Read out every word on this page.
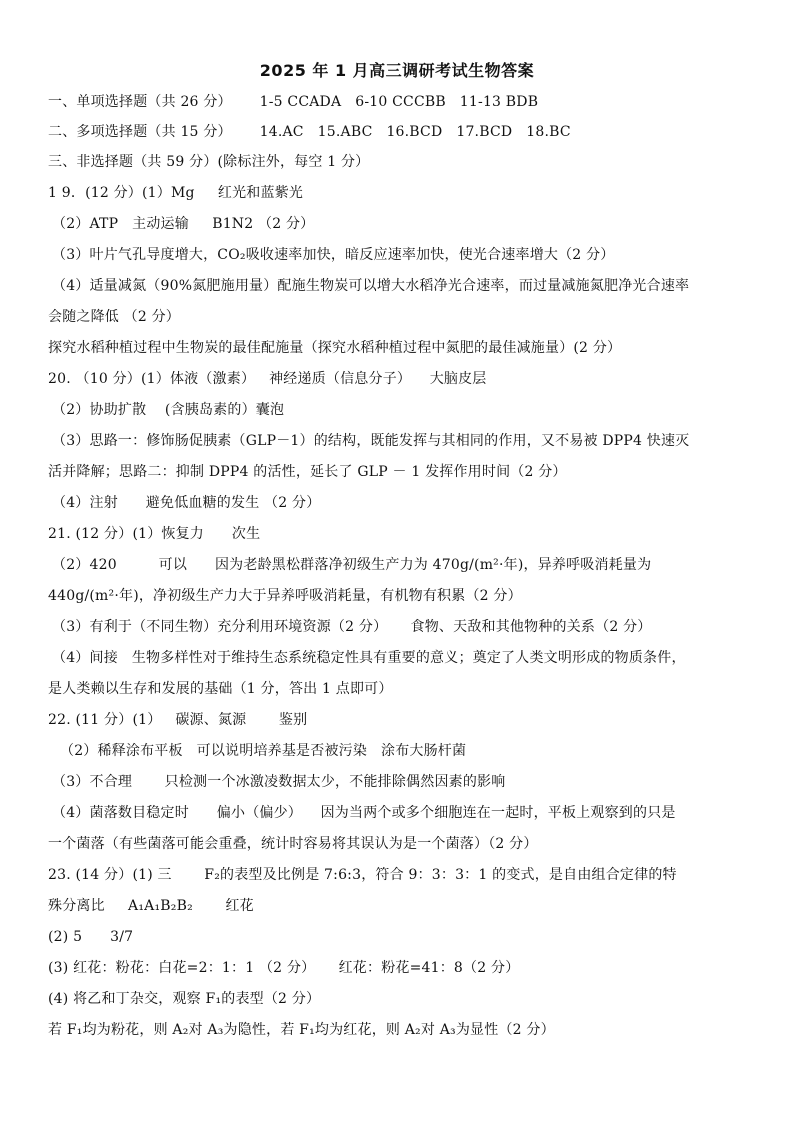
2025 年 1 月高三调研考试生物答案
一、单项选择题（共 26 分）      1-5 CCADA   6-10 CCCBB   11-13 BDB
二、多项选择题（共 15 分）      14.AC   15.ABC   16.BCD   17.BCD   18.BC
三、非选择题（共 59 分）(除标注外，每空 1 分）
1 9．(12 分）(1）Mg     红光和蓝紫光
（2）ATP   主动运输     B1N2 （2 分）
（3）叶片气孔导度增大，CO₂吸收速率加快，暗反应速率加快，使光合速率增大（2 分）
（4）适量减氮（90%氮肥施用量）配施生物炭可以增大水稻净光合速率，而过量减施氮肥净光合速率
会随之降低 （2 分）
探究水稻种植过程中生物炭的最佳配施量（探究水稻种植过程中氮肥的最佳减施量）(2 分）
20. （10 分）(1）体液（激素）   神经递质（信息分子）    大脑皮层
（2）协助扩散    (含胰岛素的）囊泡
（3）思路一：修饰肠促胰素（GLP－1）的结构，既能发挥与其相同的作用，又不易被 DPP4 快速灭
活并降解；思路二：抑制 DPP4 的活性，延长了 GLP － 1 发挥作用时间（2 分）
（4）注射      避免低血糖的发生 （2 分）
21. (12 分）(1）恢复力      次生
（2）420         可以      因为老龄黑松群落净初级生产力为 470g/(m²·年)，异养呼吸消耗量为
440g/(m²·年)，净初级生产力大于异养呼吸消耗量，有机物有积累（2 分）
（3）有利于（不同生物）充分利用环境资源（2 分）     食物、天敌和其他物种的关系（2 分）
（4）间接   生物多样性对于维持生态系统稳定性具有重要的意义；奠定了人类文明形成的物质条件，
是人类赖以生存和发展的基础（1 分，答出 1 点即可）
22. (11 分）(1）   碳源、氮源       鉴别
（2）稀释涂布平板   可以说明培养基是否被污染   涂布大肠杆菌
（3）不合理       只检测一个冰激凌数据太少，不能排除偶然因素的影响
（4）菌落数目稳定时      偏小（偏少）    因为当两个或多个细胞连在一起时，平板上观察到的只是
一个菌落（有些菌落可能会重叠，统计时容易将其误认为是一个菌落）（2 分）
23. (14 分）(1) 三       F₂的表型及比例是 7:6:3，符合 9：3：3：1 的变式，是自由组合定律的特
殊分离比     A₁A₁B₂B₂       红花
(2) 5      3/7
(3) 红花：粉花：白花=2：1：1 （2 分）     红花：粉花=41：8（2 分）
(4) 将乙和丁杂交，观察 F₁的表型（2 分）
若 F₁均为粉花，则 A₂对 A₃为隐性，若 F₁均为红花，则 A₂对 A₃为显性（2 分）
